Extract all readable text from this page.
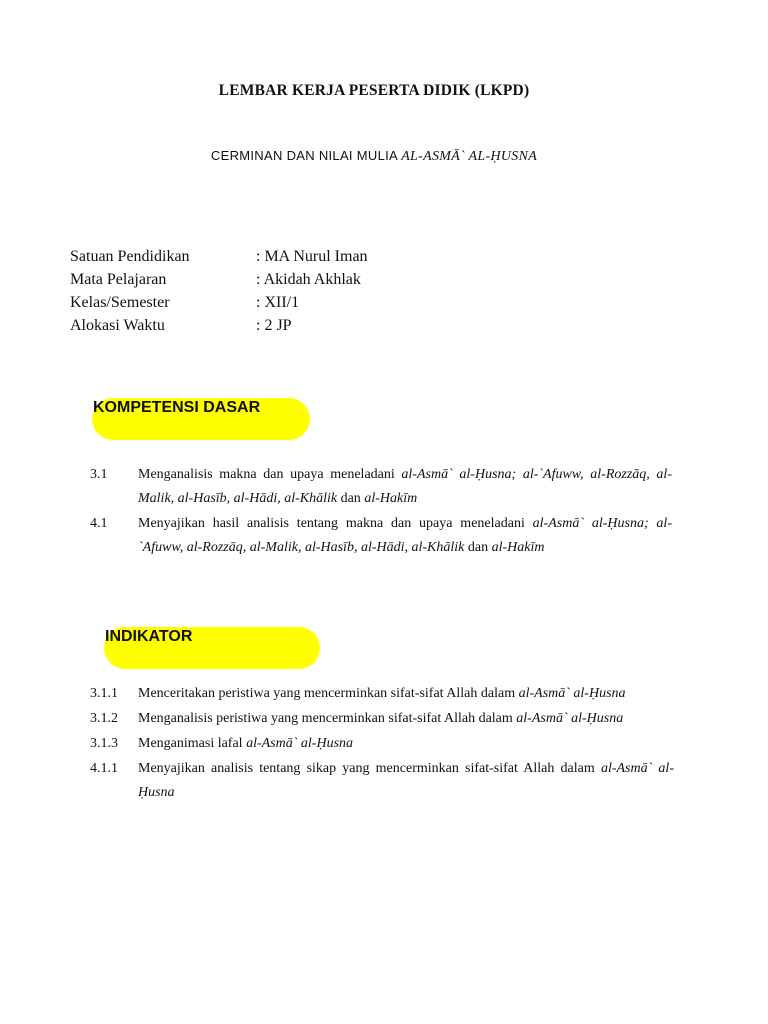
LEMBAR KERJA PESERTA DIDIK (LKPD)
CERMINAN DAN NILAI MULIA AL-ASMĀ` AL-ḤUSNA
Satuan Pendidikan	: MA Nurul Iman
Mata Pelajaran	: Akidah Akhlak
Kelas/Semester	: XII/1
Alokasi Waktu	: 2 JP
KOMPETENSI DASAR
3.1 Menganalisis makna dan upaya meneladani al-Asmā` al-Ḥusna; al-`Afuww, al-Rozzāq, al-Malik, al-Hasīb, al-Hādi, al-Khālik dan al-Hakīm
4.1 Menyajikan hasil analisis tentang makna dan upaya meneladani al-Asmā` al-Ḥusna; al-`Afuww, al-Rozzāq, al-Malik, al-Hasīb, al-Hādi, al-Khālik dan al-Hakīm
INDIKATOR
3.1.1 Menceritakan peristiwa yang mencerminkan sifat-sifat Allah dalam al-Asmā` al-Ḥusna
3.1.2 Menganalisis peristiwa yang mencerminkan sifat-sifat Allah dalam al-Asmā` al-Ḥusna
3.1.3 Menganimasi lafal al-Asmā` al-Ḥusna
4.1.1 Menyajikan analisis tentang sikap yang mencerminkan sifat-sifat Allah dalam al-Asmā` al-Ḥusna
